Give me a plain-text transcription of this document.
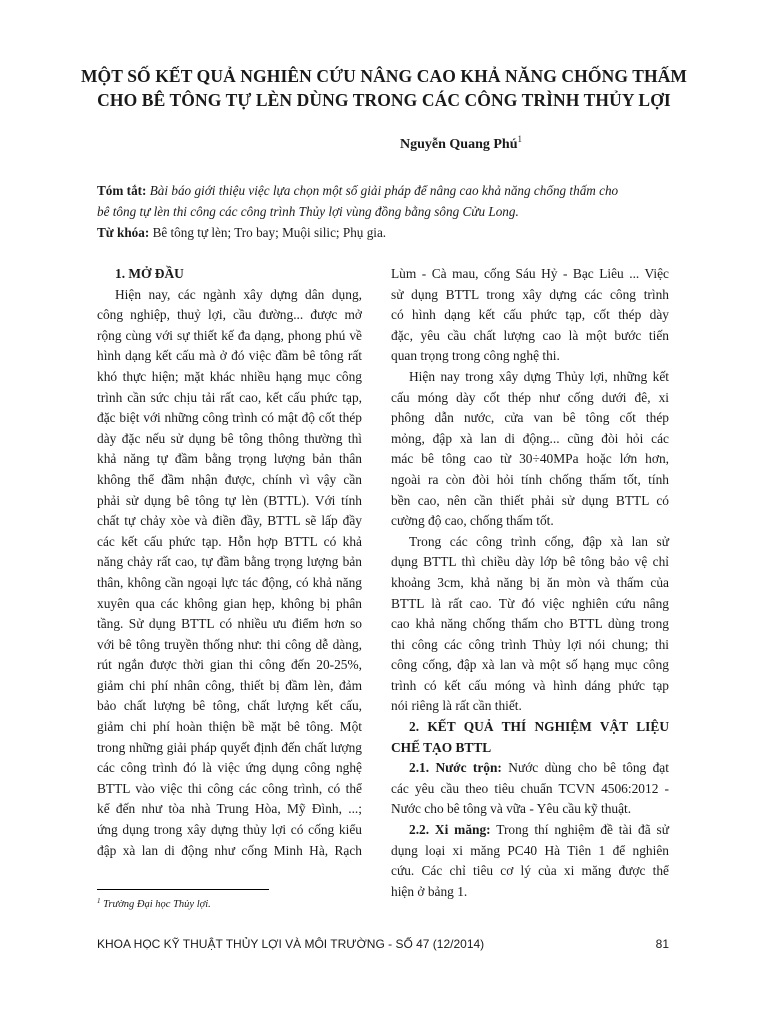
MỘT SỐ KẾT QUẢ NGHIÊN CỨU NÂNG CAO KHẢ NĂNG CHỐNG THẤM
CHO BÊ TÔNG TỰ LÈN DÙNG TRONG CÁC CÔNG TRÌNH THỦY LỢI
Nguyễn Quang Phú$^1$
Tóm tắt: Bài báo giới thiệu việc lựa chọn một số giải pháp để nâng cao khả năng chống thấm cho
bê tông tự lèn thi công các công trình Thủy lợi vùng đồng bằng sông Cửu Long.
Từ khóa: Bê tông tự lèn; Tro bay; Muội silic; Phụ gia.
1. MỞ ĐẦU
Hiện nay, các ngành xây dựng dân dụng,
công nghiệp, thuỷ lợi, cầu đường... được mở
rộng cùng với sự thiết kế đa dạng, phong phú về
hình dạng kết cấu mà ở đó việc đầm bê tông rất
khó thực hiện; mặt khác nhiều hạng mục công
trình cần sức chịu tải rất cao, kết cấu phức tạp,
đặc biệt với những công trình có mật độ cốt thép
dày đặc nếu sử dụng bê tông thông thường thì
khả năng tự đầm bằng trọng lượng bản thân
không thể đầm nhận được, chính vì vậy cần
phải sử dụng bê tông tự lèn (BTTL). Với tính
chất tự chảy xòe và điền đầy, BTTL sẽ lấp đầy
các kết cấu phức tạp. Hỗn hợp BTTL có khả
năng chảy rất cao, tự đầm bằng trọng lượng bản
thân, không cần ngoại lực tác động, có khả năng
xuyên qua các không gian hẹp, không bị phân
tầng. Sử dụng BTTL có nhiều ưu điểm hơn so
với bê tông truyền thống như: thi công dễ dàng,
rút ngắn được thời gian thi công đến 20-25%,
giảm chi phí nhân công, thiết bị đầm lèn, đảm
bảo chất lượng bê tông, chất lượng kết cấu,
giảm chi phí hoàn thiện bề mặt bê tông. Một
trong những giải pháp quyết định đến chất lượng
các công trình đó là việc ứng dụng công nghệ
BTTL vào việc thi công các công trình, có thể
kể đến như tòa nhà Trung Hòa, Mỹ Đình, ...;
ứng dụng trong xây dựng thủy lợi có cống kiểu
đập xà lan di động như cống Minh Hà, Rạch
Lùm - Cà mau, cống Sáu Hỷ - Bạc Liêu ... Việc
sử dụng BTTL trong xây dựng các công trình
có hình dạng kết cấu phức tạp, cốt thép dày
đặc, yêu cầu chất lượng cao là một bước tiến
quan trọng trong công nghệ thi.
Hiện nay trong xây dựng Thủy lợi, những kết
cấu móng dày cốt thép như cống dưới đê, xi
phông dẫn nước, cửa van bê tông cốt thép
mỏng, đập xà lan di động... cũng đòi hỏi các
mác bê tông cao từ 30÷40MPa hoặc lớn hơn,
ngoài ra còn đòi hỏi tính chống thấm tốt, tính
bền cao, nên cần thiết phải sử dụng BTTL có
cường độ cao, chống thấm tốt.
Trong các công trình cống, đập xà lan sử
dụng BTTL thì chiều dày lớp bê tông bảo vệ chỉ
khoảng 3cm, khả năng bị ăn mòn và thấm của
BTTL là rất cao. Từ đó việc nghiên cứu nâng
cao khả năng chống thấm cho BTTL dùng trong
thi công các công trình Thủy lợi nói chung; thi
công cống, đập xà lan và một số hạng mục công
trình có kết cấu móng và hình dáng phức tạp
nói riêng là rất cần thiết.
2. KẾT QUẢ THÍ NGHIỆM VẬT LIỆU
CHẾ TẠO BTTL
2.1. Nước trộn: Nước dùng cho bê tông đạt
các yêu cầu theo tiêu chuẩn TCVN 4506:2012 -
Nước cho bê tông và vữa - Yêu cầu kỹ thuật.
2.2. Xi măng: Trong thí nghiệm đề tài đã sử
dụng loại xi măng PC40 Hà Tiên 1 để nghiên
cứu. Các chỉ tiêu cơ lý của xi măng được thể
hiện ở bảng 1.
$^1$ Trường Đại học Thủy lợi.
KHOA HỌC KỸ THUẬT THỦY LỢI VÀ MÔI TRƯỜNG - SỐ 47 (12/2014)	81
